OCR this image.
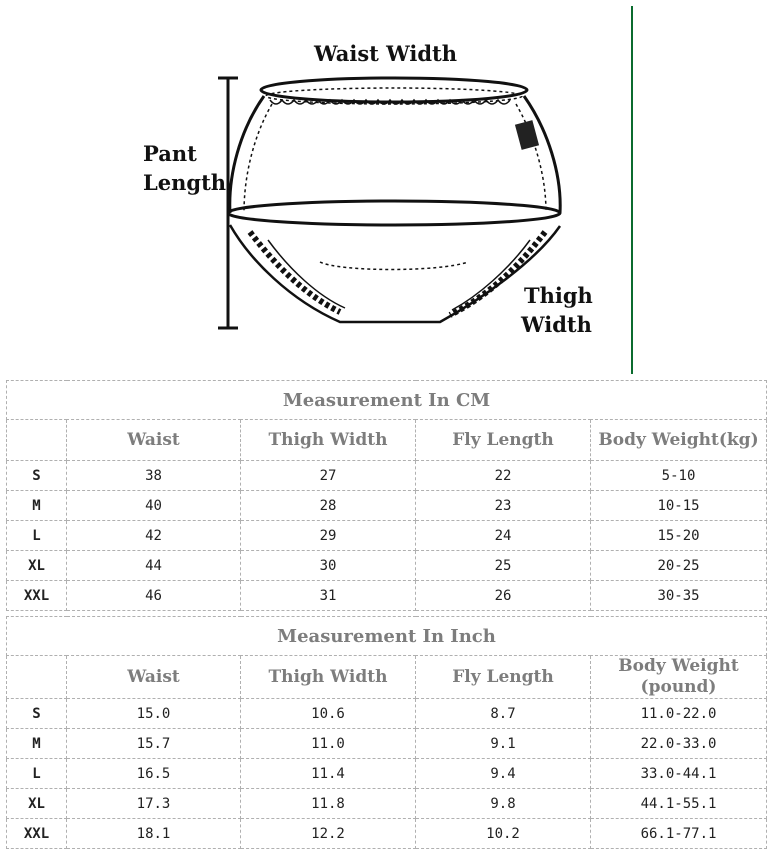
Waist Width
Pant
Length
Thigh
Width
Measurement In CM				
	Waist	Thigh Width	Fly Length	Body Weight(kg)
S	38	27	22	5-10
M	40	28	23	10-15
L	42	29	24	15-20
XL	44	30	25	20-25
XXL	46	31	26	30-35
Measurement In Inch				
	Waist	Thigh Width	Fly Length	Body Weight (pound)
S	15.0	10.6	8.7	11.0-22.0
M	15.7	11.0	9.1	22.0-33.0
L	16.5	11.4	9.4	33.0-44.1
XL	17.3	11.8	9.8	44.1-55.1
XXL	18.1	12.2	10.2	66.1-77.1
